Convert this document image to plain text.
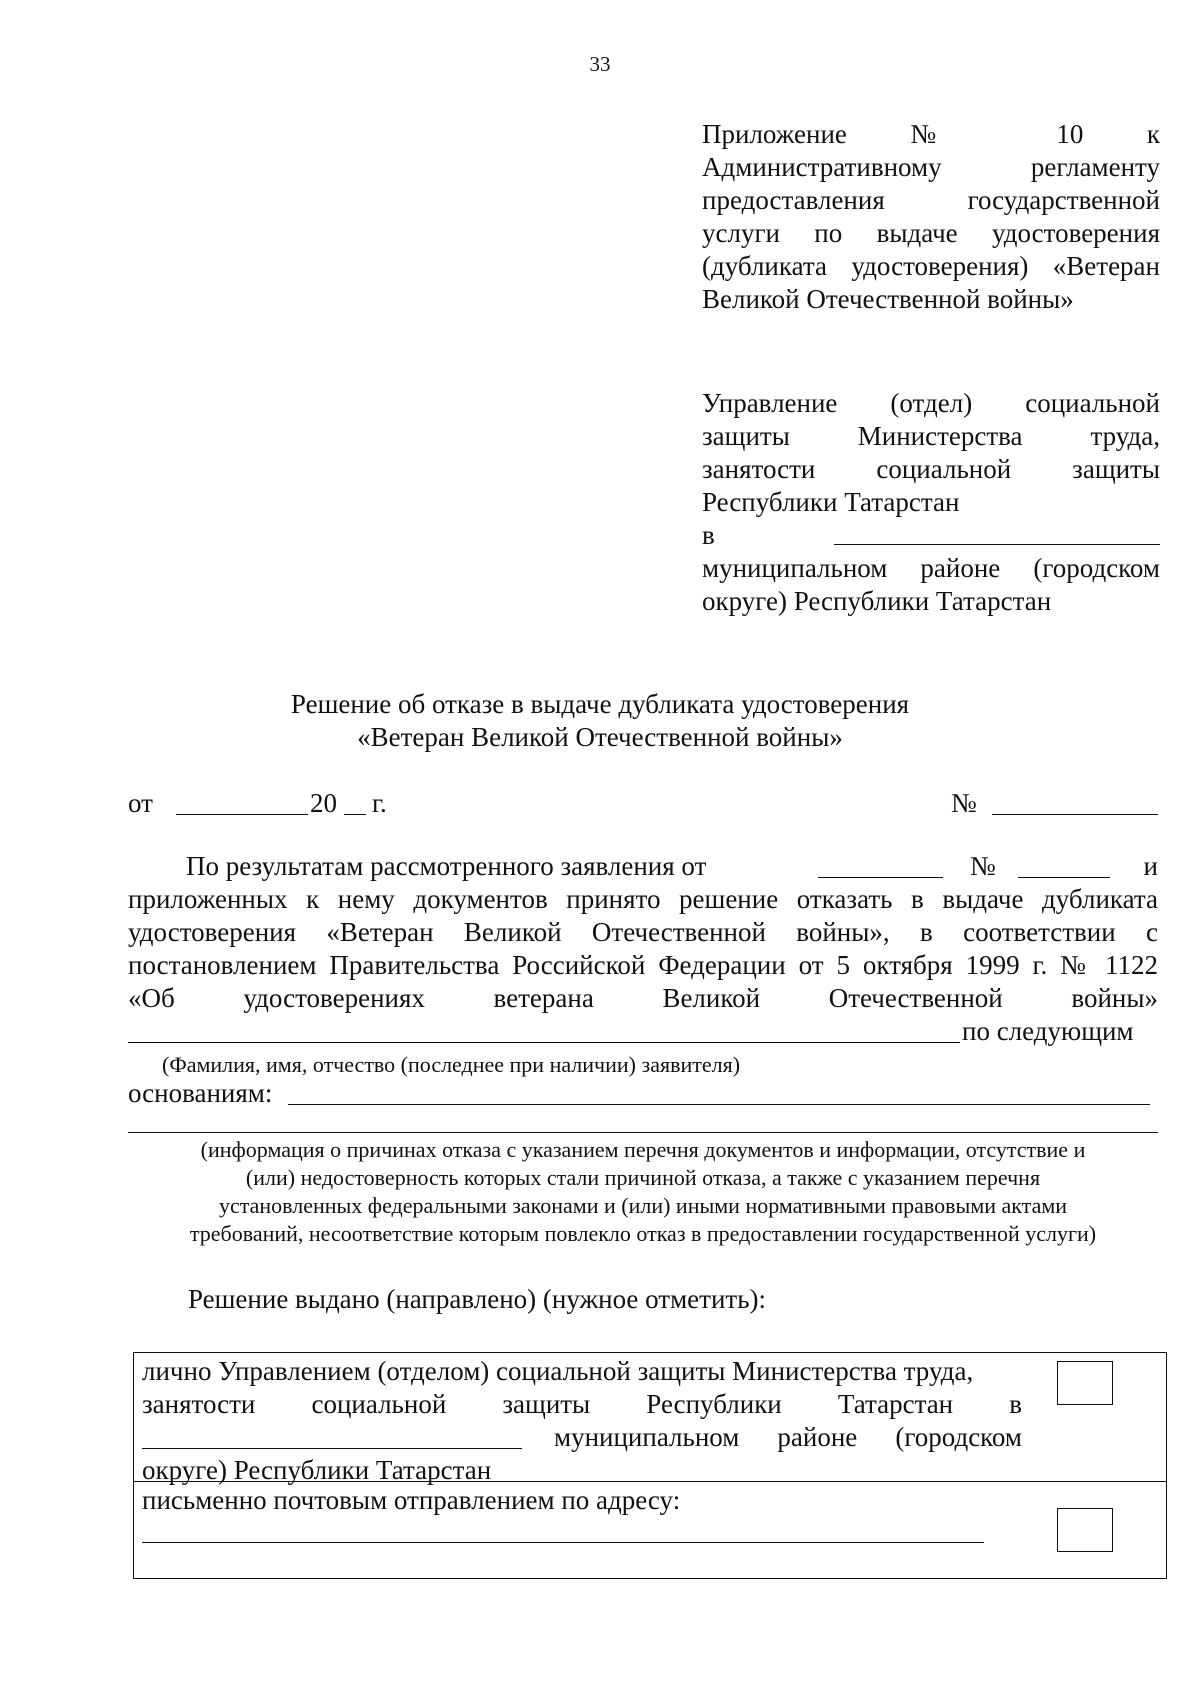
33
Приложение № 10 к
Административному регламенту
предоставления государственной
услуги по выдаче удостоверения
(дубликата удостоверения) «Ветеран
Великой Отечественной войны»
Управление (отдел) социальной
защиты Министерства труда,
занятости социальной защиты
Республики Татарстан
в
муниципальном районе (городском
округе) Республики Татарстан
Решение об отказе в выдаче дубликата удостоверения
«Ветеран Великой Отечественной войны»
от	20 г.	№
По результатам рассмотренного заявления от	№	и
приложенных к нему документов принято решение отказать в выдаче дубликата
удостоверения «Ветеран Великой Отечественной войны», в соответствии с
постановлением Правительства Российской Федерации от 5 октября 1999 г. № 1122
«Об удостоверениях ветерана Великой Отечественной войны»
по следующим
(Фамилия, имя, отчество (последнее при наличии) заявителя)
основаниям:
(информация о причинах отказа с указанием перечня документов и информации, отсутствие и
(или) недостоверность которых стали причиной отказа, а также с указанием перечня
установленных федеральными законами и (или) иными нормативными правовыми актами
требований, несоответствие которым повлекло отказ в предоставлении государственной услуги)
Решение выдано (направлено) (нужное отметить):
лично Управлением (отделом) социальной защиты Министерства труда,
занятости социальной защиты Республики Татарстан в
муниципальном районе (городском
округе) Республики Татарстан

письменно почтовым отправлением по адресу:
